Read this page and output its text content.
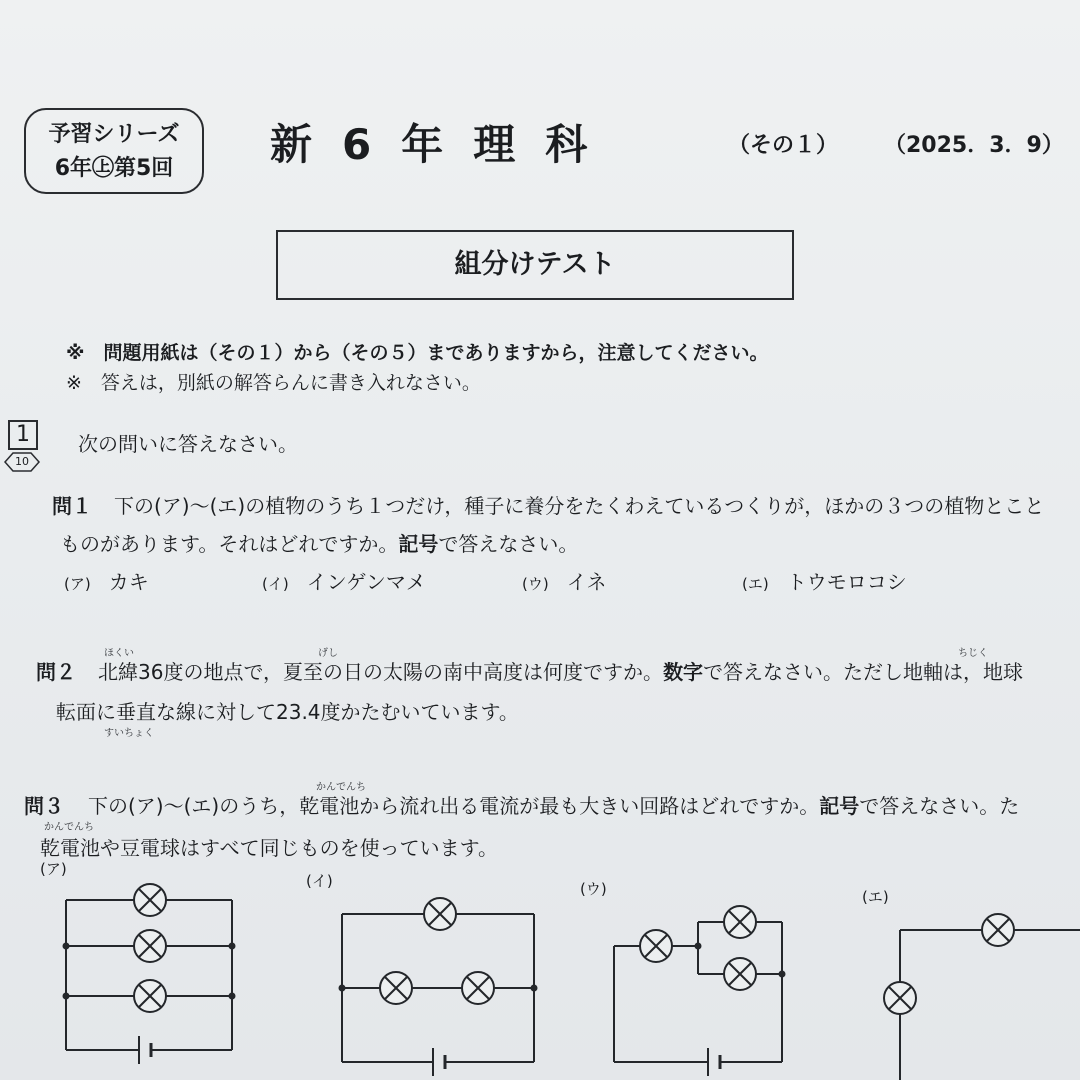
予習シリーズ
6年㊤第5回	新6年理科	（その１） （2025．3．9）
組分けテスト
※　問題用紙は（その１）から（その５）までありますから，注意してください。
※　答えは，別紙の解答らんに書き入れなさい。
1
10
次の問いに答えなさい。
問１ 下の(ア)～(エ)の植物のうち１つだけ，種子に養分をたくわえているつくりが，ほかの３つの植物とこと
ものがあります。それはどれですか。記号で答えなさい。
(ア) カキ	(イ) インゲンマメ	(ウ) イネ	(エ) トウモロコシ
ほくい	げし	ちじく
問２ 北緯36度の地点で，夏至の日の太陽の南中高度は何度ですか。数字で答えなさい。ただし地軸は，地球
すいちょく
転面に垂直な線に対して23.4度かたむいています。
かんでんち
問３ 下の(ア)～(エ)のうち，乾電池から流れ出る電流が最も大きい回路はどれですか。記号で答えなさい。た
かんでんち
乾電池や豆電球はすべて同じものを使っています。
(ア)
(イ)	(ウ)	(エ)
